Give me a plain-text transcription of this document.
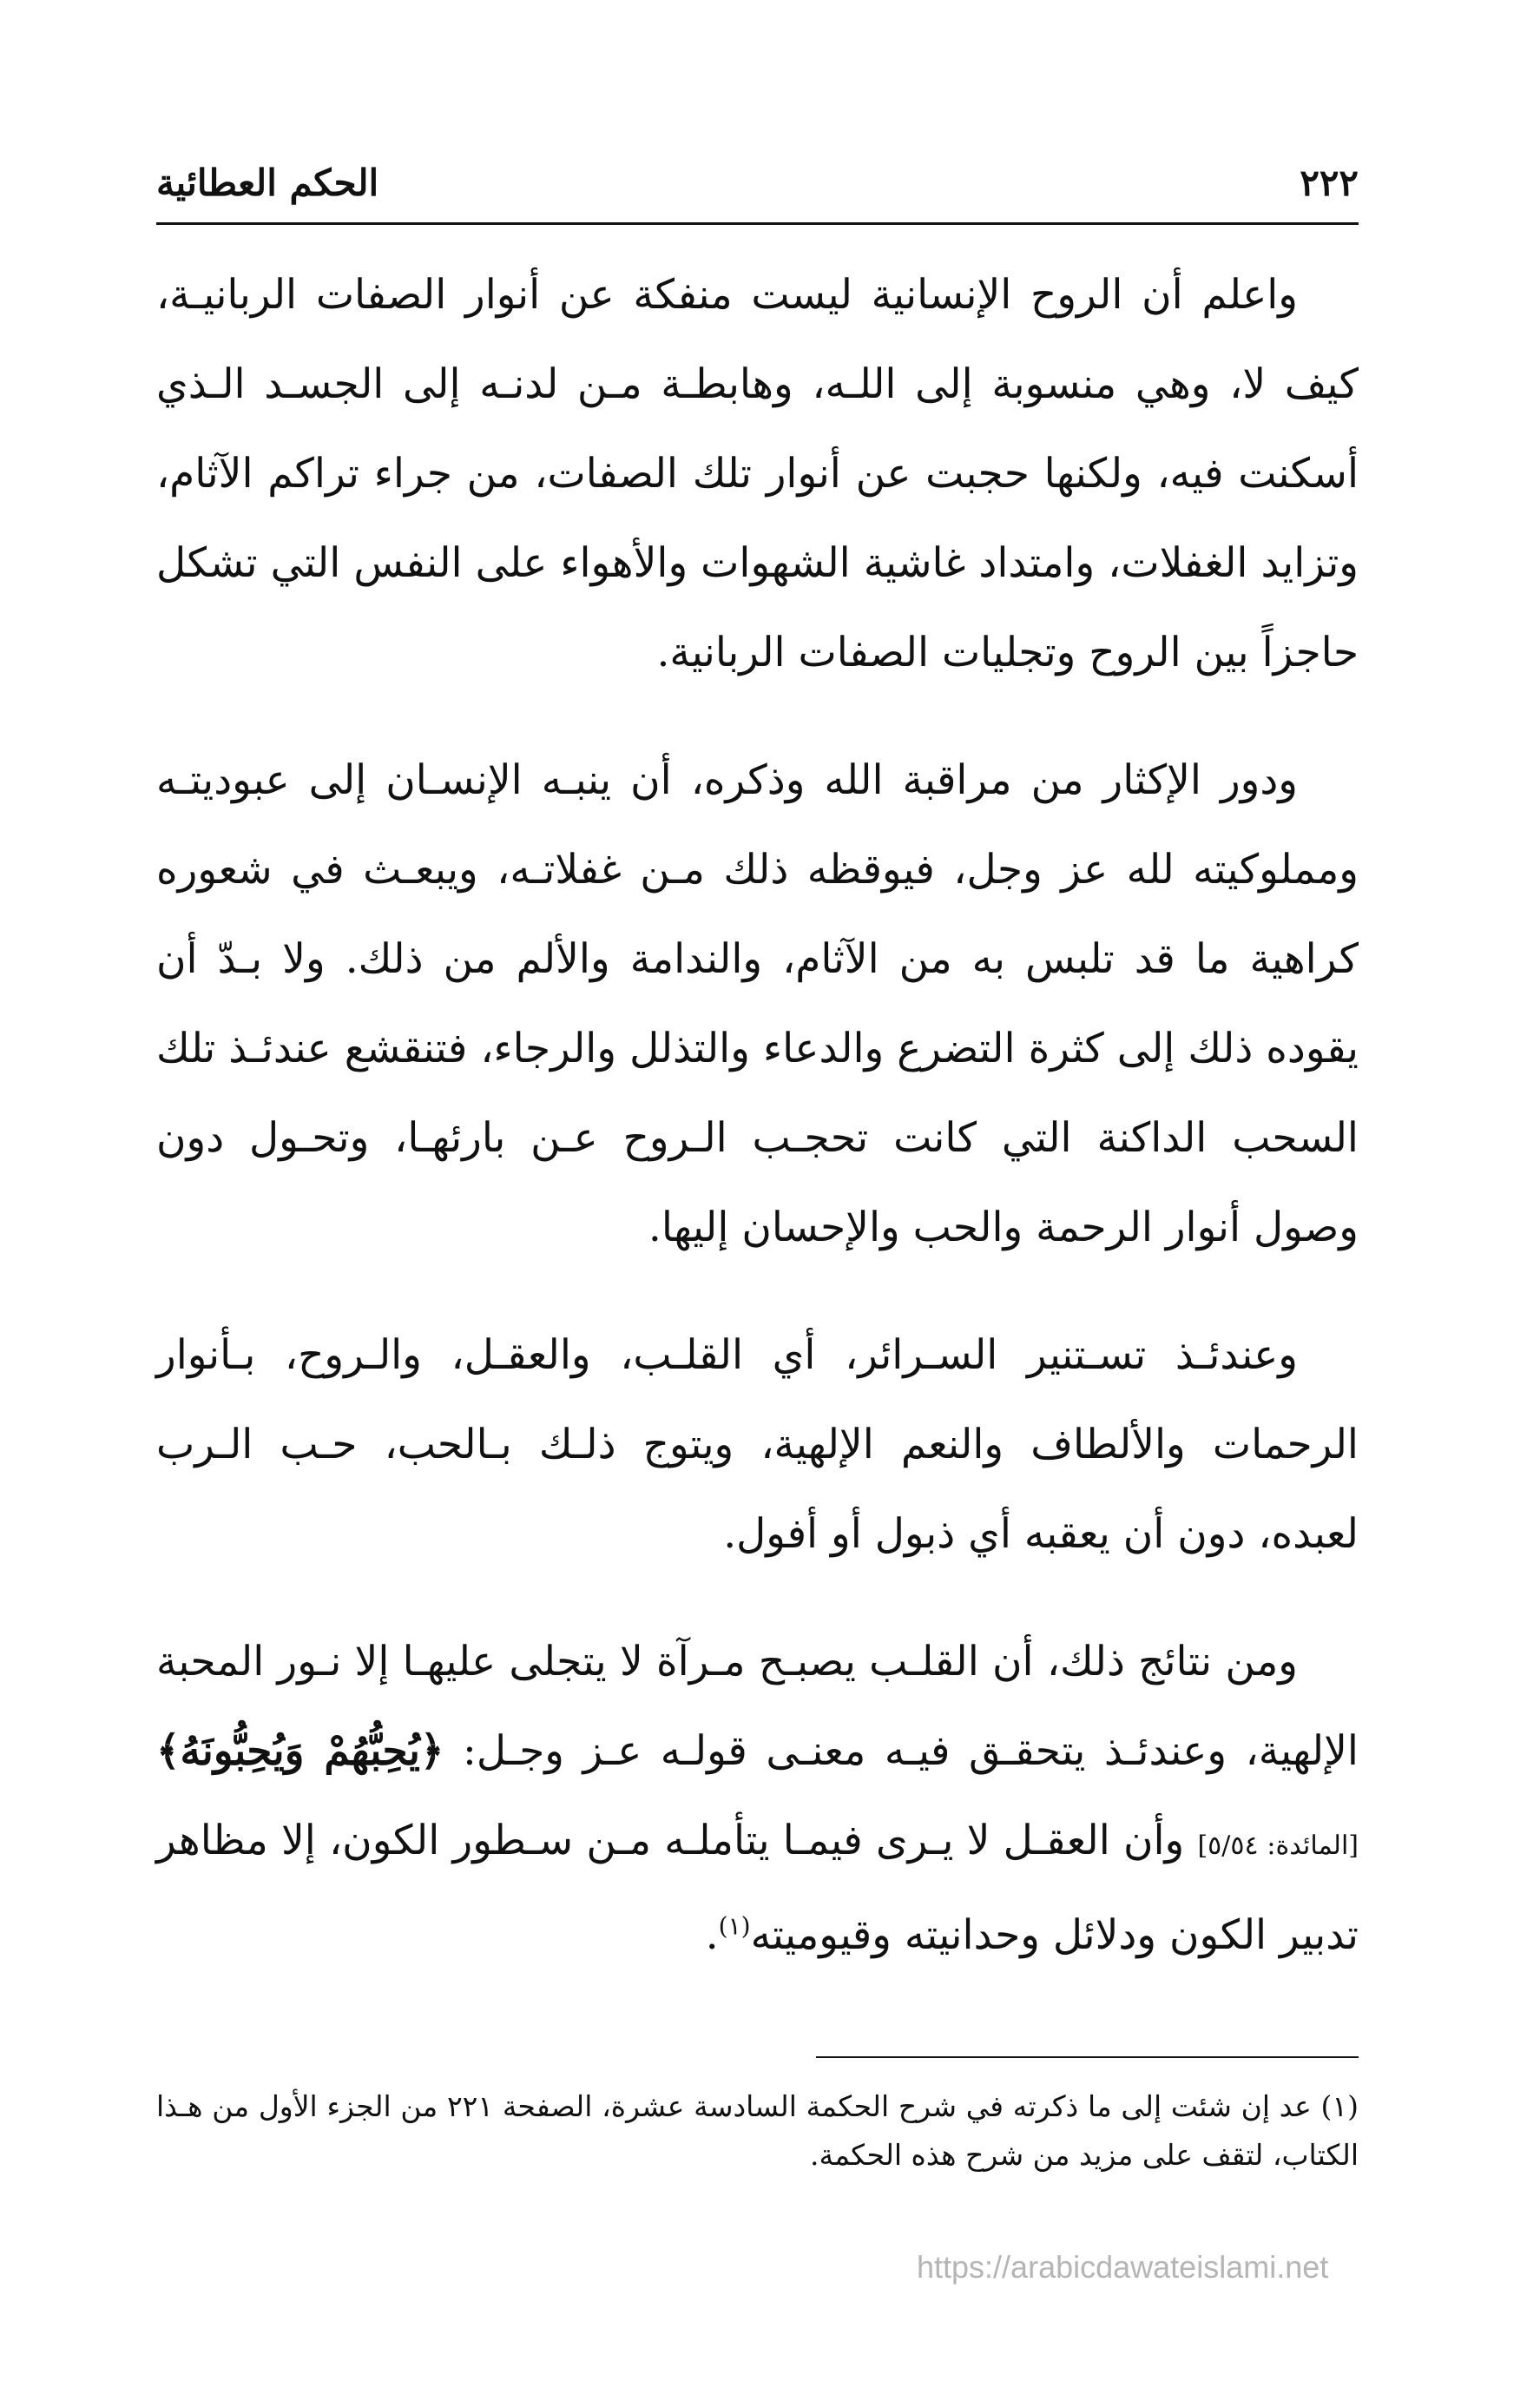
الحكم العطائية	٢٢٢

واعلم أن الروح الإنسانية ليست منفكة عن أنوار الصفات الربانيـة، كيف لا، وهي منسوبة إلى اللـه، وهابطـة مـن لدنـه إلى الجسـد الـذي أسكنت فيه، ولكنها حجبت عن أنوار تلك الصفات، من جراء تراكم الآثام، وتزايد الغفلات، وامتداد غاشية الشهوات والأهواء على النفس التي تشكل حاجزاً بين الروح وتجليات الصفات الربانية.

ودور الإكثار من مراقبة الله وذكره، أن ينبـه الإنسـان إلى عبوديتـه ومملوكيته لله عز وجل، فيوقظه ذلك مـن غفلاتـه، ويبعـث في شعوره كراهية ما قد تلبس به من الآثام، والندامة والألم من ذلك. ولا بـدّ أن يقوده ذلك إلى كثرة التضرع والدعاء والتذلل والرجاء، فتنقشع عندئـذ تلك السحب الداكنة التي كانت تحجـب الـروح عـن بارئهـا، وتحـول دون وصول أنوار الرحمة والحب والإحسان إليها.

وعندئـذ تسـتنير السـرائر، أي القلـب، والعقـل، والـروح، بـأنوار الرحمات والألطاف والنعم الإلهية، ويتوج ذلـك بـالحب، حـب الـرب لعبده، دون أن يعقبه أي ذبول أو أفول.

ومن نتائج ذلك، أن القلـب يصبـح مـرآة لا يتجلى عليهـا إلا نـور المحبة الإلهية، وعندئـذ يتحقـق فيـه معنـى قولـه عـز وجـل: ﴿يُحِبُّهُمْ وَيُحِبُّونَهُ﴾ [المائدة: ٥/٥٤] وأن العقـل لا يـرى فيمـا يتأملـه مـن سـطور الكون، إلا مظاهر تدبير الكون ودلائل وحدانيته وقيوميته$^{(١)}$.

(١) عد إن شئت إلى ما ذكرته في شرح الحكمة السادسة عشرة، الصفحة ٢٢١ من الجزء الأول من هـذا الكتاب، لتقف على مزيد من شرح هذه الحكمة.
https://arabicdawateislami.net
